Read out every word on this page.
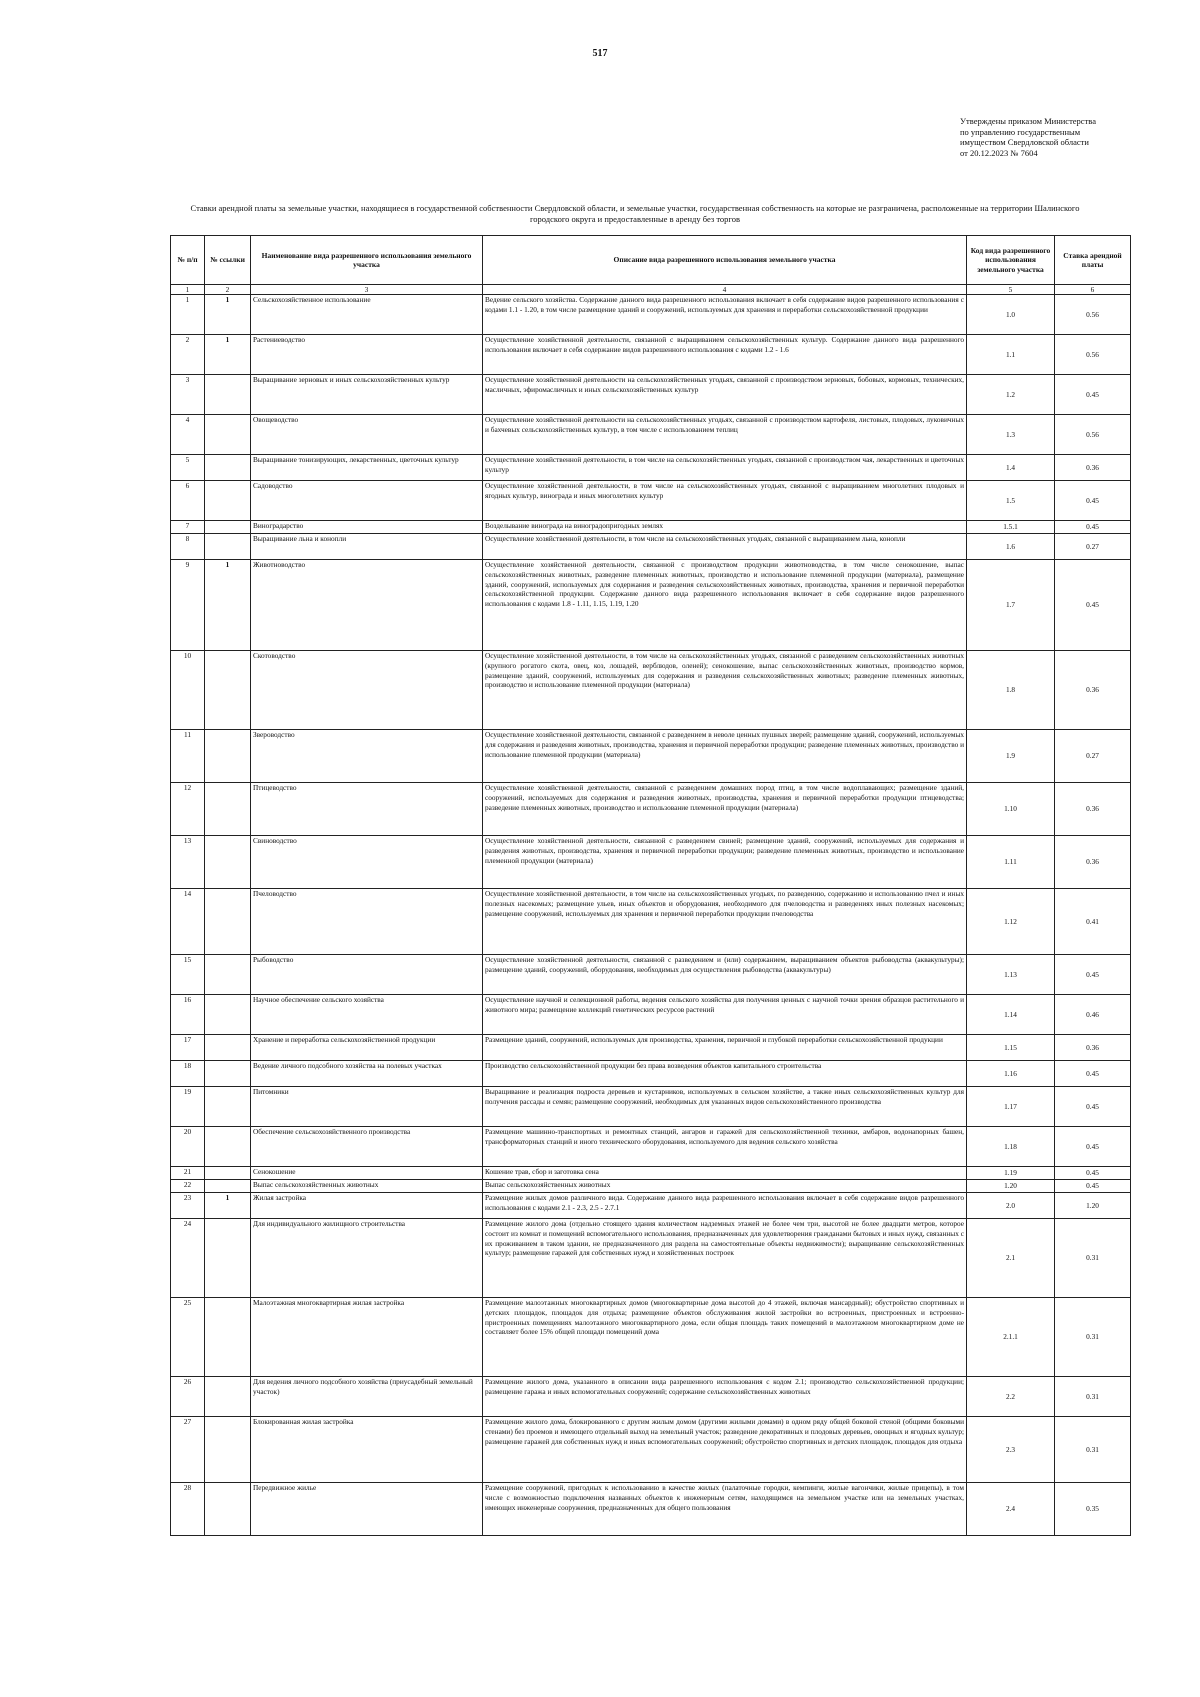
517
Утверждены приказом Министерства
по управлению государственным
имуществом Свердловской области
от 20.12.2023 № 7604
Ставки арендной платы за земельные участки, находящиеся в государственной собственности Свердловской области, и земельные участки, государственная собственность на которые не разграничена, расположенные на территории Шалинского городского округа и предоставленные в аренду без торгов
№ п/п	№ ссылки	Наименование вида разрешенного использования земельного участка	Описание вида разрешенного использования земельного участка	Код вида разрешенного использования земельного участка	Ставка арендной платы
1	2	3	4	5	6
1	1	Сельскохозяйственное использование	Ведение сельского хозяйства. Содержание данного вида разрешенного использования включает в себя содержание видов разрешенного использования с кодами 1.1 - 1.20, в том числе размещение зданий и сооружений, используемых для хранения и переработки сельскохозяйственной продукции	1.0	0.56
2	1	Растениеводство	Осуществление хозяйственной деятельности, связанной с выращиванием сельскохозяйственных культур. Содержание данного вида разрешенного использования включает в себя содержание видов разрешенного использования с кодами 1.2 - 1.6	1.1	0.56
3		Выращивание зерновых и иных сельскохозяйственных культур	Осуществление хозяйственной деятельности на сельскохозяйственных угодьях, связанной с производством зерновых, бобовых, кормовых, технических, масличных, эфиромасличных и иных сельскохозяйственных культур	1.2	0.45
4		Овощеводство	Осуществление хозяйственной деятельности на сельскохозяйственных угодьях, связанной с производством картофеля, листовых, плодовых, луковичных и бахчевых сельскохозяйственных культур, в том числе с использованием теплиц	1.3	0.56
5		Выращивание тонизирующих, лекарственных, цветочных культур	Осуществление хозяйственной деятельности, в том числе на сельскохозяйственных угодьях, связанной с производством чая, лекарственных и цветочных культур	1.4	0.36
6		Садоводство	Осуществление хозяйственной деятельности, в том числе на сельскохозяйственных угодьях, связанной с выращиванием многолетних плодовых и ягодных культур, винограда и иных многолетних культур	1.5	0.45
7		Виноградарство	Возделывание винограда на виноградопригодных землях	1.5.1	0.45
8		Выращивание льна и конопли	Осуществление хозяйственной деятельности, в том числе на сельскохозяйственных угодьях, связанной с выращиванием льна, конопли	1.6	0.27
9	1	Животноводство	Осуществление хозяйственной деятельности, связанной с производством продукции животноводства, в том числе сенокошение, выпас сельскохозяйственных животных, разведение племенных животных, производство и использование племенной продукции (материала), размещение зданий, сооружений, используемых для содержания и разведения сельскохозяйственных животных, производства, хранения и первичной переработки сельскохозяйственной продукции. Содержание данного вида разрешенного использования включает в себя содержание видов разрешенного использования с кодами 1.8 - 1.11, 1.15, 1.19, 1.20	1.7	0.45
10		Скотоводство	Осуществление хозяйственной деятельности, в том числе на сельскохозяйственных угодьях, связанной с разведением сельскохозяйственных животных (крупного рогатого скота, овец, коз, лошадей, верблюдов, оленей); сенокошение, выпас сельскохозяйственных животных, производство кормов, размещение зданий, сооружений, используемых для содержания и разведения сельскохозяйственных животных; разведение племенных животных, производство и использование племенной продукции (материала)	1.8	0.36
11		Звероводство	Осуществление хозяйственной деятельности, связанной с разведением в неволе ценных пушных зверей; размещение зданий, сооружений, используемых для содержания и разведения животных, производства, хранения и первичной переработки продукции; разведение племенных животных, производство и использование племенной продукции (материала)	1.9	0.27
12		Птицеводство	Осуществление хозяйственной деятельности, связанной с разведением домашних пород птиц, в том числе водоплавающих; размещение зданий, сооружений, используемых для содержания и разведения животных, производства, хранения и первичной переработки продукции птицеводства; разведение племенных животных, производство и использование племенной продукции (материала)	1.10	0.36
13		Свиноводство	Осуществление хозяйственной деятельности, связанной с разведением свиней; размещение зданий, сооружений, используемых для содержания и разведения животных, производства, хранения и первичной переработки продукции; разведение племенных животных, производство и использование племенной продукции (материала)	1.11	0.36
14		Пчеловодство	Осуществление хозяйственной деятельности, в том числе на сельскохозяйственных угодьях, по разведению, содержанию и использованию пчел и иных полезных насекомых; размещение ульев, иных объектов и оборудования, необходимого для пчеловодства и разведениях иных полезных насекомых; размещение сооружений, используемых для хранения и первичной переработки продукции пчеловодства	1.12	0.41
15		Рыбоводство	Осуществление хозяйственной деятельности, связанной с разведением и (или) содержанием, выращиванием объектов рыбоводства (аквакультуры); размещение зданий, сооружений, оборудования, необходимых для осуществления рыбоводства (аквакультуры)	1.13	0.45
16		Научное обеспечение сельского хозяйства	Осуществление научной и селекционной работы, ведения сельского хозяйства для получения ценных с научной точки зрения образцов растительного и животного мира; размещение коллекций генетических ресурсов растений	1.14	0.46
17		Хранение и переработка сельскохозяйственной продукции	Размещение зданий, сооружений, используемых для производства, хранения, первичной и глубокой переработки сельскохозяйственной продукции	1.15	0.36
18		Ведение личного подсобного хозяйства на полевых участках	Производство сельскохозяйственной продукции без права возведения объектов капитального строительства	1.16	0.45
19		Питомники	Выращивание и реализация подроста деревьев и кустарников, используемых в сельском хозяйстве, а также иных сельскохозяйственных культур для получения рассады и семян; размещение сооружений, необходимых для указанных видов сельскохозяйственного производства	1.17	0.45
20		Обеспечение сельскохозяйственного производства	Размещение машинно-транспортных и ремонтных станций, ангаров и гаражей для сельскохозяйственной техники, амбаров, водонапорных башен, трансформаторных станций и иного технического оборудования, используемого для ведения сельского хозяйства	1.18	0.45
21		Сенокошение	Кошение трав, сбор и заготовка сена	1.19	0.45
22		Выпас сельскохозяйственных животных	Выпас сельскохозяйственных животных	1.20	0.45
23	1	Жилая застройка	Размещение жилых домов различного вида. Содержание данного вида разрешенного использования включает в себя содержание видов разрешенного использования с кодами 2.1 - 2.3, 2.5 - 2.7.1	2.0	1.20
24		Для индивидуального жилищного строительства	Размещение жилого дома (отдельно стоящего здания количеством надземных этажей не более чем три, высотой не более двадцати метров, которое состоит из комнат и помещений вспомогательного использования, предназначенных для удовлетворения гражданами бытовых и иных нужд, связанных с их проживанием в таком здании, не предназначенного для раздела на самостоятельные объекты недвижимости); выращивание сельскохозяйственных культур; размещение гаражей для собственных нужд и хозяйственных построек	2.1	0.31
25		Малоэтажная многоквартирная жилая застройка	Размещение малоэтажных многоквартирных домов (многоквартирные дома высотой до 4 этажей, включая мансардный); обустройство спортивных и детских площадок, площадок для отдыха; размещение объектов обслуживания жилой застройки во встроенных, пристроенных и встроенно-пристроенных помещениях малоэтажного многоквартирного дома, если общая площадь таких помещений в малоэтажном многоквартирном доме не составляет более 15% общей площади помещений дома	2.1.1	0.31
26		Для ведения личного подсобного хозяйства (приусадебный земельный участок)	Размещение жилого дома, указанного в описании вида разрешенного использования с кодом 2.1; производство сельскохозяйственной продукции; размещение гаража и иных вспомогательных сооружений; содержание сельскохозяйственных животных	2.2	0.31
27		Блокированная жилая застройка	Размещение жилого дома, блокированного с другим жилым домом (другими жилыми домами) в одном ряду общей боковой стеной (общими боковыми стенами) без проемов и имеющего отдельный выход на земельный участок; разведение декоративных и плодовых деревьев, овощных и ягодных культур; размещение гаражей для собственных нужд и иных вспомогательных сооружений; обустройство спортивных и детских площадок, площадок для отдыха	2.3	0.31
28		Передвижное жилье	Размещение сооружений, пригодных к использованию в качестве жилых (палаточные городки, кемпинги, жилые вагончики, жилые прицепы), в том числе с возможностью подключения названных объектов к инженерным сетям, находящимся на земельном участке или на земельных участках, имеющих инженерные сооружения, предназначенных для общего пользования	2.4	0.35
